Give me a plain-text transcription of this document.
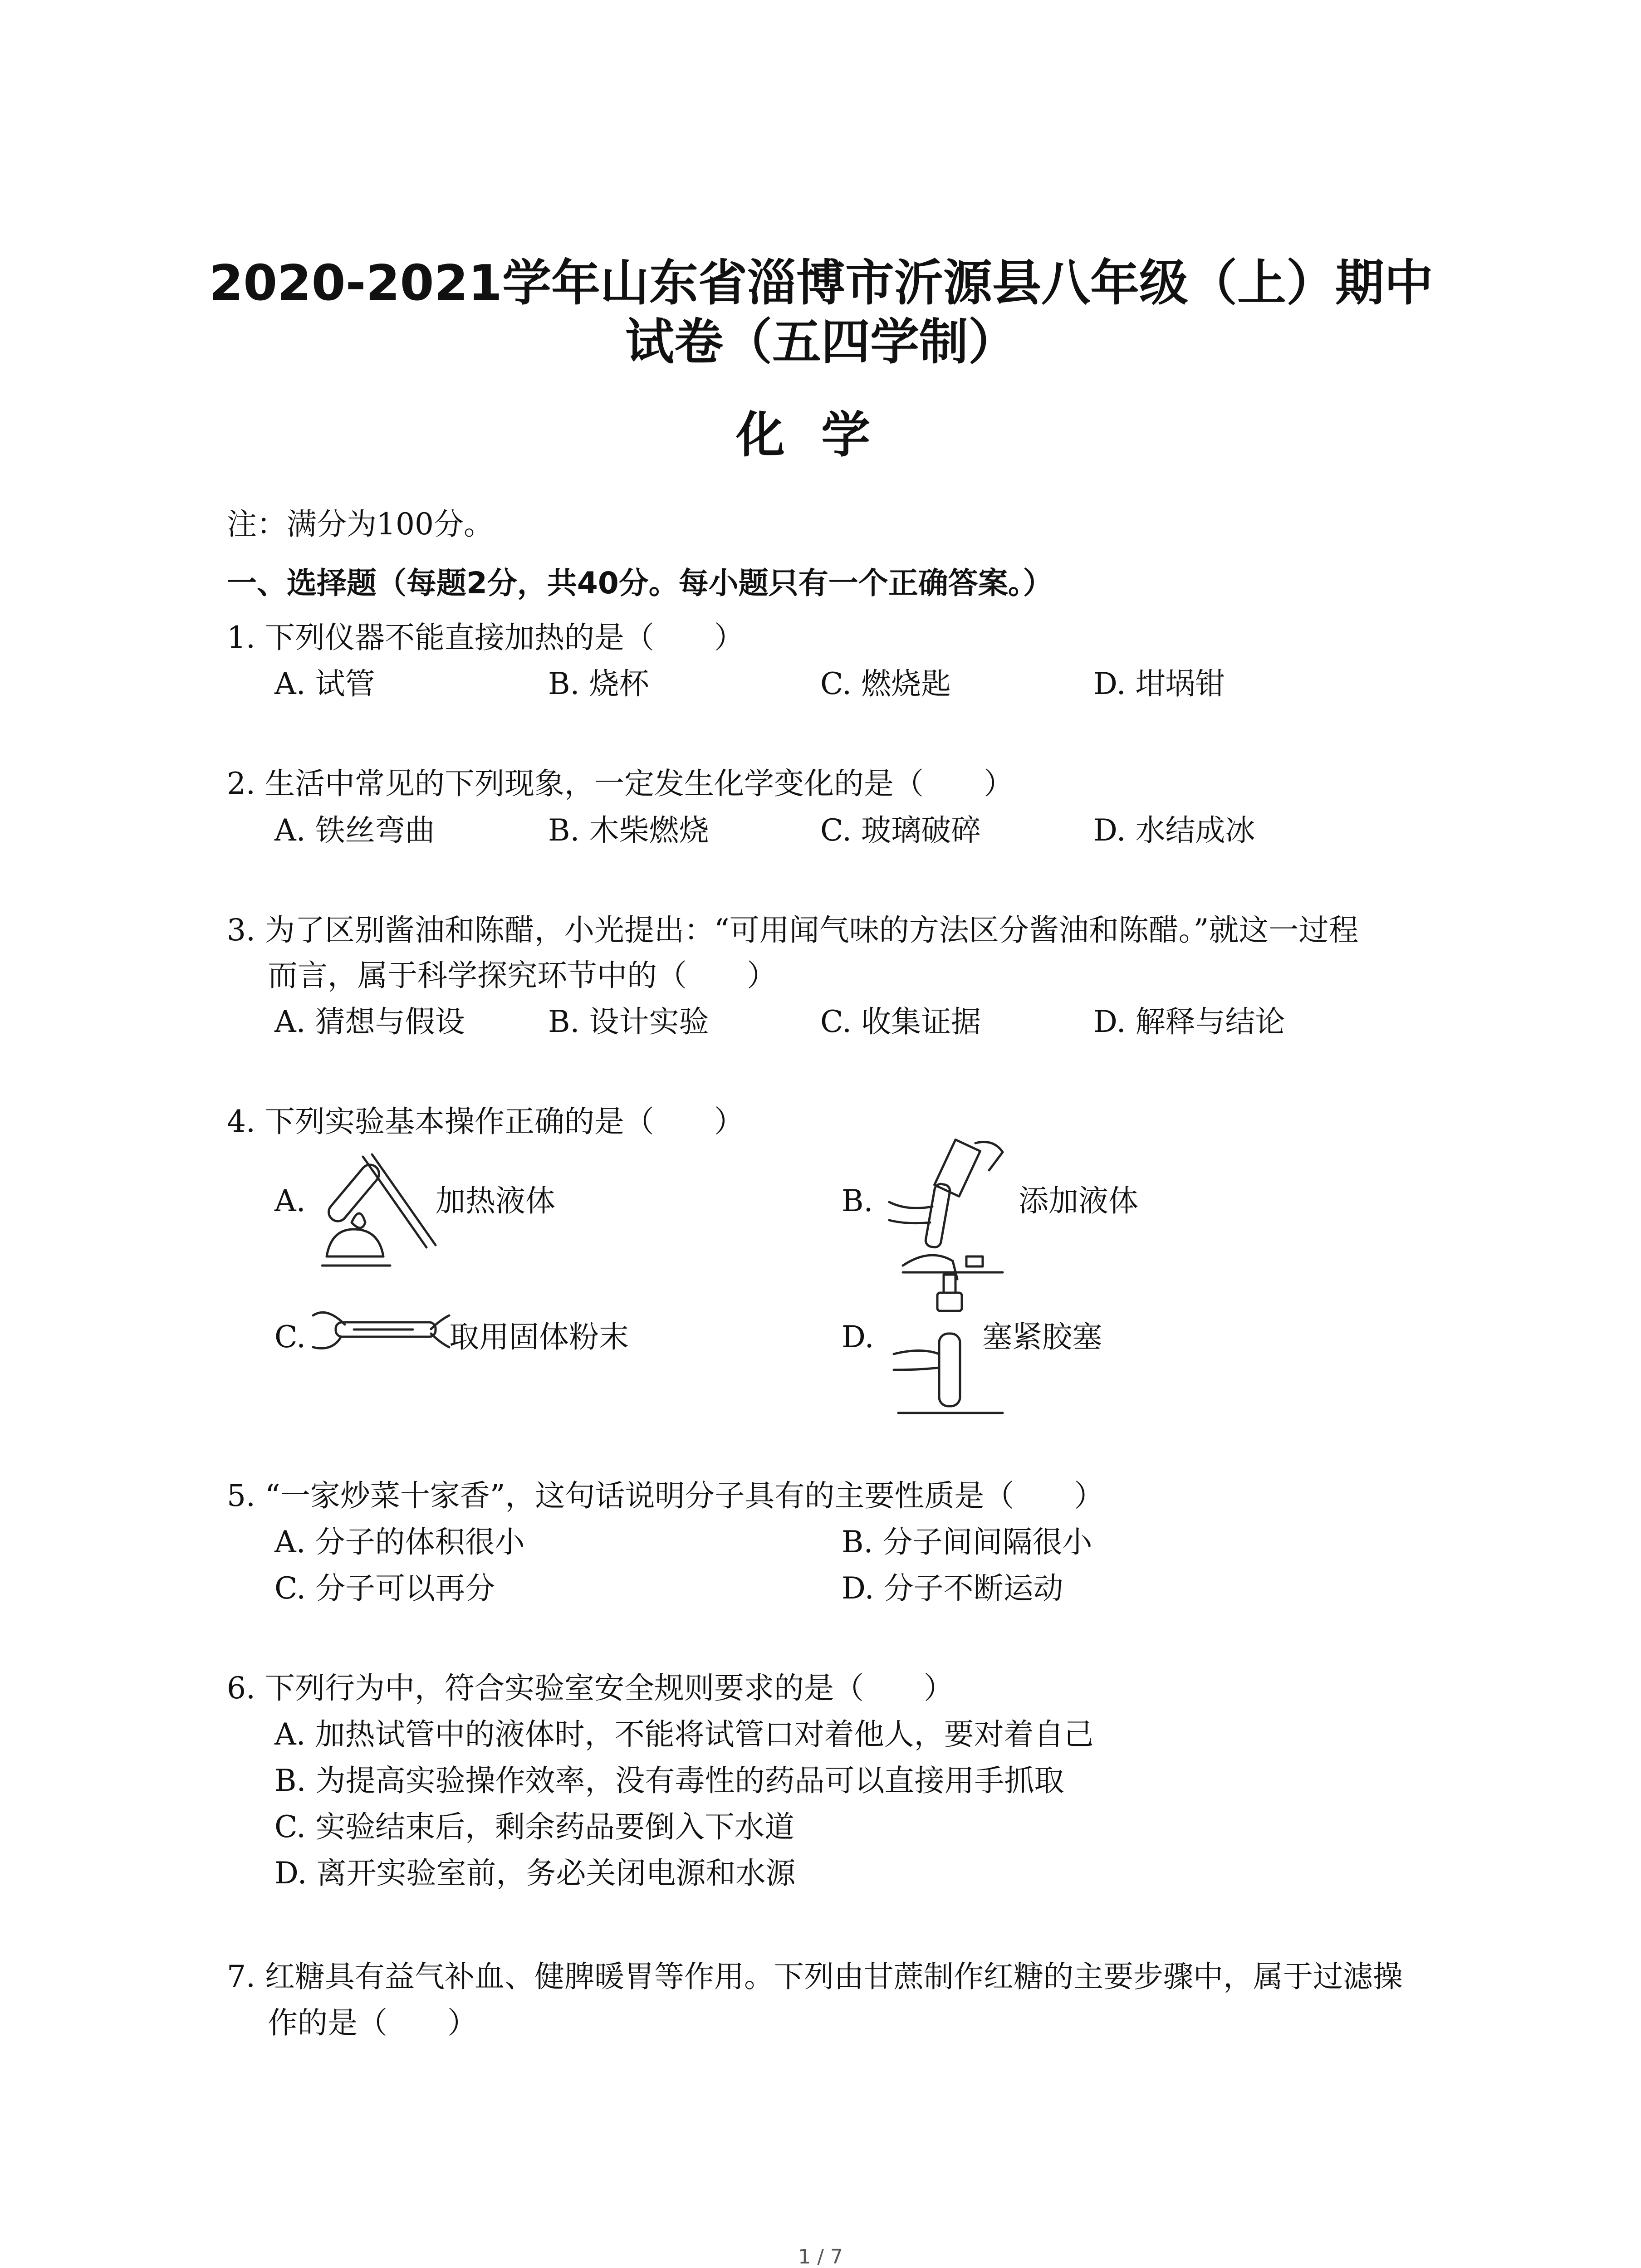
2020-2021学年山东省淄博市沂源县八年级（上）期中
试卷（五四学制）
化学
注：满分为100分。
一、选择题（每题2分，共40分。每小题只有一个正确答案。）
1. 下列仪器不能直接加热的是（　　）
A. 试管	B. 烧杯	C. 燃烧匙	D. 坩埚钳
2. 生活中常见的下列现象，一定发生化学变化的是（　　）
A. 铁丝弯曲	B. 木柴燃烧	C. 玻璃破碎	D. 水结成冰
3. 为了区别酱油和陈醋，小光提出：“可用闻气味的方法区分酱油和陈醋。”就这一过程
而言，属于科学探究环节中的（　　）
A. 猜想与假设	B. 设计实验	C. 收集证据	D. 解释与结论
4. 下列实验基本操作正确的是（　　）
A.	加热液体	B.	添加液体
C.	取用固体粉末	D.	塞紧胶塞
5. “一家炒菜十家香”，这句话说明分子具有的主要性质是（　　）
A. 分子的体积很小	B. 分子间间隔很小
C. 分子可以再分	D. 分子不断运动
6. 下列行为中，符合实验室安全规则要求的是（　　）
A. 加热试管中的液体时，不能将试管口对着他人，要对着自己
B. 为提高实验操作效率，没有毒性的药品可以直接用手抓取
C. 实验结束后，剩余药品要倒入下水道
D. 离开实验室前，务必关闭电源和水源
7. 红糖具有益气补血、健脾暖胃等作用。下列由甘蔗制作红糖的主要步骤中，属于过滤操
作的是（　　）
1 / 7
